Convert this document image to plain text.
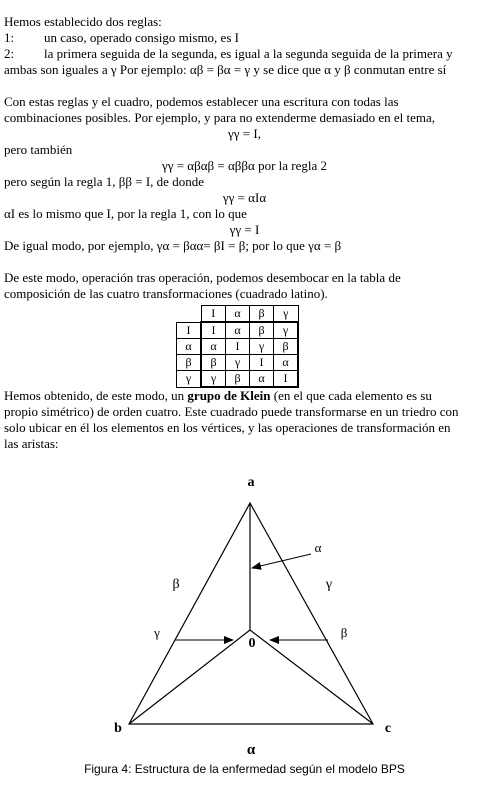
Hemos establecido dos reglas:
1: un caso, operado consigo mismo, es I
2: la primera seguida de la segunda, es igual a la segunda seguida de la primera y
ambas son iguales a γ Por ejemplo: αβ = βα = γ y se dice que α y β conmutan entre sí
Con estas reglas y el cuadro, podemos establecer una escritura con todas las
combinaciones posibles. Por ejemplo, y para no extenderme demasiado en el tema,
γγ = I,
pero también
γγ = αβαβ = αββα por la regla 2
pero según la regla 1, ββ = I, de donde
γγ = αIα
αI es lo mismo que I, por la regla 1, con lo que
γγ = I
De igual modo, por ejemplo, γα = βαα= βI = β; por lo que γα = β
De este modo, operación tras operación, podemos desembocar en la tabla de
composición de las cuatro transformaciones (cuadrado latino).
	I	α	β	γ
I	I	α	β	γ
α	α	I	γ	β
β	β	γ	I	α
γ	γ	β	α	I
Hemos obtenido, de este modo, un grupo de Klein (en el que cada elemento es su
propio simétrico) de orden cuatro. Este cuadrado puede transformarse en un triedro con
solo ubicar en él los elementos en los vértices, y las operaciones de transformación en
las aristas:
a
b	c
0
β	γ
α
α
γ	β
Figura 4: Estructura de la enfermedad según el modelo BPS
